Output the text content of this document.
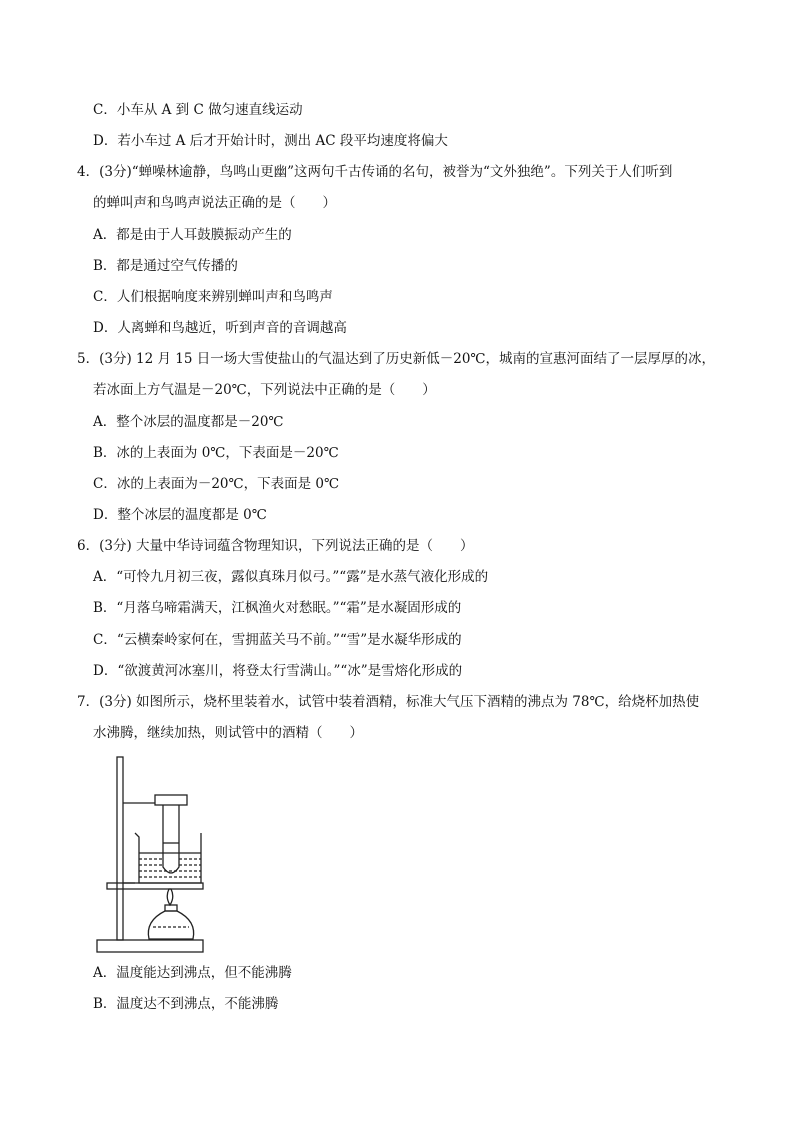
C．小车从 A 到 C 做匀速直线运动
D．若小车过 A 后才开始计时，测出 AC 段平均速度将偏大
4．(3分)“蝉噪林逾静，鸟鸣山更幽”这两句千古传诵的名句，被誉为“文外独绝”。下列关于人们听到
的蝉叫声和鸟鸣声说法正确的是（　　）
A．都是由于人耳鼓膜振动产生的
B．都是通过空气传播的
C．人们根据响度来辨别蝉叫声和鸟鸣声
D．人离蝉和鸟越近，听到声音的音调越高
5．(3分) 12 月 15 日一场大雪使盐山的气温达到了历史新低－20℃，城南的宣惠河面结了一层厚厚的冰，
若冰面上方气温是－20℃，下列说法中正确的是（　　）
A．整个冰层的温度都是－20℃
B．冰的上表面为 0℃，下表面是－20℃
C．冰的上表面为－20℃，下表面是 0℃
D．整个冰层的温度都是 0℃
6．(3分) 大量中华诗词蕴含物理知识，下列说法正确的是（　　）
A．“可怜九月初三夜，露似真珠月似弓。”“露”是水蒸气液化形成的
B．“月落乌啼霜满天，江枫渔火对愁眠。”“霜”是水凝固形成的
C．“云横秦岭家何在，雪拥蓝关马不前。”“雪”是水凝华形成的
D．“欲渡黄河冰塞川，将登太行雪满山。”“冰”是雪熔化形成的
7．(3分) 如图所示，烧杯里装着水，试管中装着酒精，标准大气压下酒精的沸点为 78℃，给烧杯加热使
水沸腾，继续加热，则试管中的酒精（　　）
A．温度能达到沸点，但不能沸腾
B．温度达不到沸点，不能沸腾
